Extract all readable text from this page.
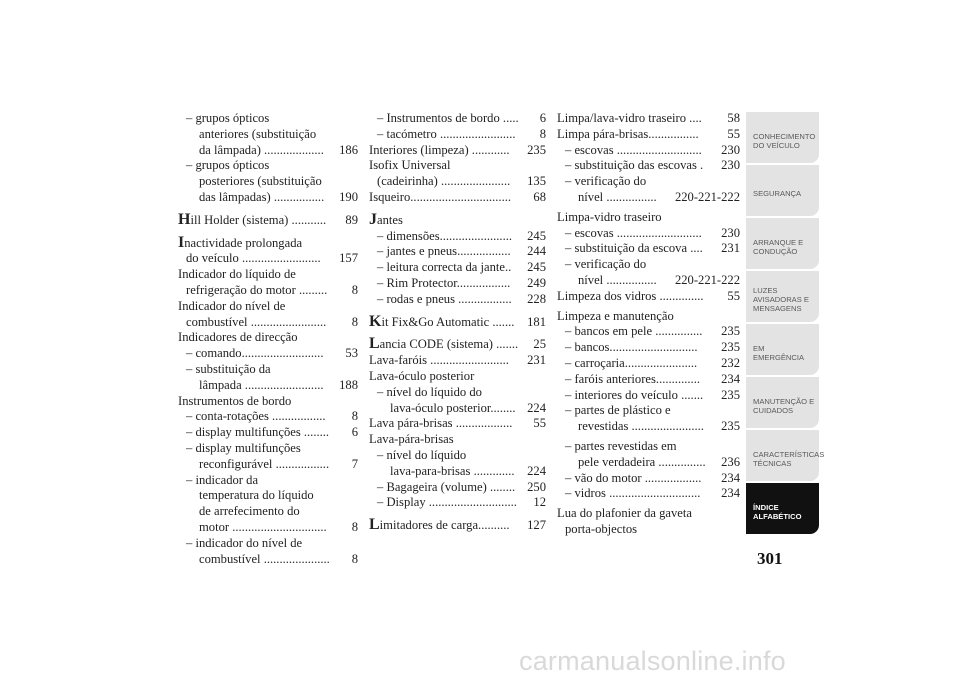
– grupos ópticos
anteriores (substituição
da lâmpada) ...................	186
– grupos ópticos
posteriores (substituição
das lâmpadas) ................	190
Hill Holder (sistema) ...........	89
Inactividade prolongada
do veículo .........................	157
Indicador do líquido de
refrigeração do motor .........	8
Indicador do nível de
combustível ........................	8
Indicadores de direcção
– comando..........................	53
– substituição da
lâmpada .........................	188
Instrumentos de bordo
– conta-rotações .................	8
– display multifunções ........	6
– display multifunções
reconfigurável .................	7
– indicador da
temperatura do líquido
de arrefecimento do
motor ..............................	8
– indicador do nível de
combustível .....................	8
– Instrumentos de bordo .....	6
– tacómetro ........................	8
Interiores (limpeza) ............	235
Isofix Universal
(cadeirinha) ......................	135
Isqueiro................................	68
Jantes
– dimensões.......................	245
– jantes e pneus.................	244
– leitura correcta da jante..	245
– Rim Protector.................	249
– rodas e pneus .................	228
Kit Fix&Go Automatic .......	181
Lancia CODE (sistema) .......	25
Lava-faróis .........................	231
Lava-óculo posterior
– nível do líquido do
lava-óculo posterior........ 224
Lava pára-brisas ..................	55
Lava-pára-brisas
– nível do líquido
lava-para-brisas .............	224
– Bagageira (volume) ........ 250
– Display ............................	12
Limitadores de carga..........	127
Limpa/lava-vidro traseiro ....	58
Limpa pára-brisas................	55
– escovas ...........................	230
– substituição das escovas .	230
– verificação do
nível ................	220-221-222
Limpa-vidro traseiro
– escovas ...........................	230
– substituição da escova ....	231
– verificação do
nível ................	220-221-222
Limpeza dos vidros ..............	55
Limpeza e manutenção
– bancos em pele ...............	235
– bancos............................	235
– carroçaria.......................	232
– faróis anteriores..............	234
– interiores do veículo .......	235
– partes de plástico e
revestidas .......................	235
– partes revestidas em
pele verdadeira ...............	236
– vão do motor ..................	234
– vidros .............................	234
Lua do plafonier da gaveta
porta-objectos
CONHECIMENTO DO VEÍCULO
SEGURANÇA
ARRANQUE E CONDUÇÃO
LUZES AVISADORAS E MENSAGENS
EM EMERGÊNCIA
MANUTENÇÃO E CUIDADOS
CARACTERÍSTICAS TÉCNICAS
ÍNDICE ALFABÉTICO
301
carmanualsonline.info
